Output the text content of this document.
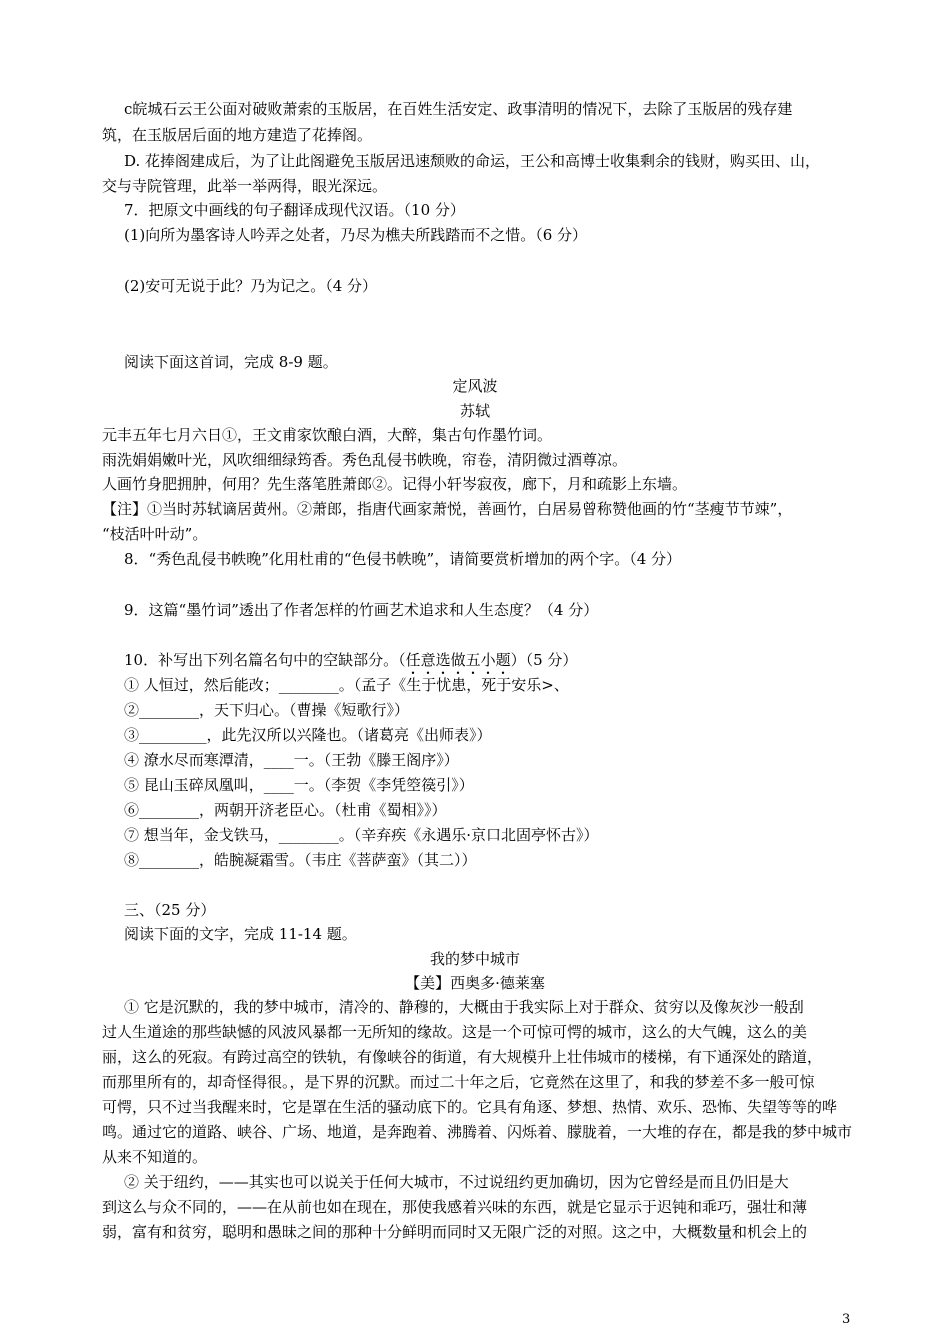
c皖城石云王公面对破败萧索的玉版居，在百姓生活安定、政事清明的情况下，去除了玉版居的残存建
筑，在玉版居后面的地方建造了花捧阁。
D. 花捧阁建成后，为了让此阁避免玉版居迅速颓败的命运，王公和高博士收集剩余的钱财，购买田、山，
交与寺院管理，此举一举两得，眼光深远。
7．把原文中画线的句子翻译成现代汉语。（10 分）
(1)向所为墨客诗人吟弄之处者，乃尽为樵夫所践踏而不之惜。（6 分）
(2)安可无说于此？乃为记之。（4 分）
阅读下面这首词，完成 8-9 题。
定风波
苏轼
元丰五年七月六日①，王文甫家饮酿白酒，大醉，集古句作墨竹词。
雨洗娟娟嫩叶光，风吹细细绿筠香。秀色乱侵书帙晚，帘卷，清阴微过酒尊凉。
人画竹身肥拥肿，何用？先生落笔胜萧郎②。记得小轩岑寂夜，廊下，月和疏影上东墙。
【注】①当时苏轼谪居黄州。②萧郎，指唐代画家萧悦，善画竹，白居易曾称赞他画的竹“茎瘦节节竦”，
“枝活叶叶动”。
8．“秀色乱侵书帙晚”化用杜甫的“色侵书帙晚”，请简要赏析增加的两个字。（4 分）
9．这篇“墨竹词”透出了作者怎样的竹画艺术追求和人生态度？（4 分）
10．补写出下列名篇名句中的空缺部分。（任意选做五小题）（5 分）
① 人恒过，然后能改；________。（孟子《生于忧患，死于安乐>、
②________，天下归心。（曹操《短歌行》）
③_________，此先汉所以兴隆也。（诸葛亮《出师表》）
④ 潦水尽而寒潭清，____一。（王勃《滕王阁序》）
⑤ 昆山玉碎凤凰叫，____一。（李贺《李凭箜篌引》）
⑥________，两朝开济老臣心。（杜甫《蜀相》》）
⑦ 想当年，金戈铁马，________。（辛弃疾《永遇乐·京口北固亭怀古》）
⑧________，皓腕凝霜雪。（韦庄《菩萨蛮》（其二））
三、（25 分）
阅读下面的文字，完成 11-14 题。
我的梦中城市
【美】西奥多·德莱塞
① 它是沉默的，我的梦中城市，清冷的、静穆的，大概由于我实际上对于群众、贫穷以及像灰沙一般刮
过人生道途的那些缺憾的风波风暴都一无所知的缘故。这是一个可惊可愕的城市，这么的大气魄，这么的美
丽，这么的死寂。有跨过高空的铁轨，有像峡谷的街道，有大规模升上壮伟城市的楼梯，有下通深处的踏道，
而那里所有的，却奇怪得很。，是下界的沉默。而过二十年之后，它竟然在这里了，和我的梦差不多一般可惊
可愕，只不过当我醒来时，它是罩在生活的骚动底下的。它具有角逐、梦想、热情、欢乐、恐怖、失望等等的哗
鸣。通过它的道路、峡谷、广场、地道，是奔跑着、沸腾着、闪烁着、朦胧着，一大堆的存在，都是我的梦中城市
从来不知道的。
② 关于纽约，——其实也可以说关于任何大城市，不过说纽约更加确切，因为它曾经是而且仍旧是大
到这么与众不同的，——在从前也如在现在，那使我感着兴味的东西，就是它显示于迟钝和乖巧，强壮和薄
弱，富有和贫穷，聪明和愚昧之间的那种十分鲜明而同时又无限广泛的对照。这之中，大概数量和机会上的
3
